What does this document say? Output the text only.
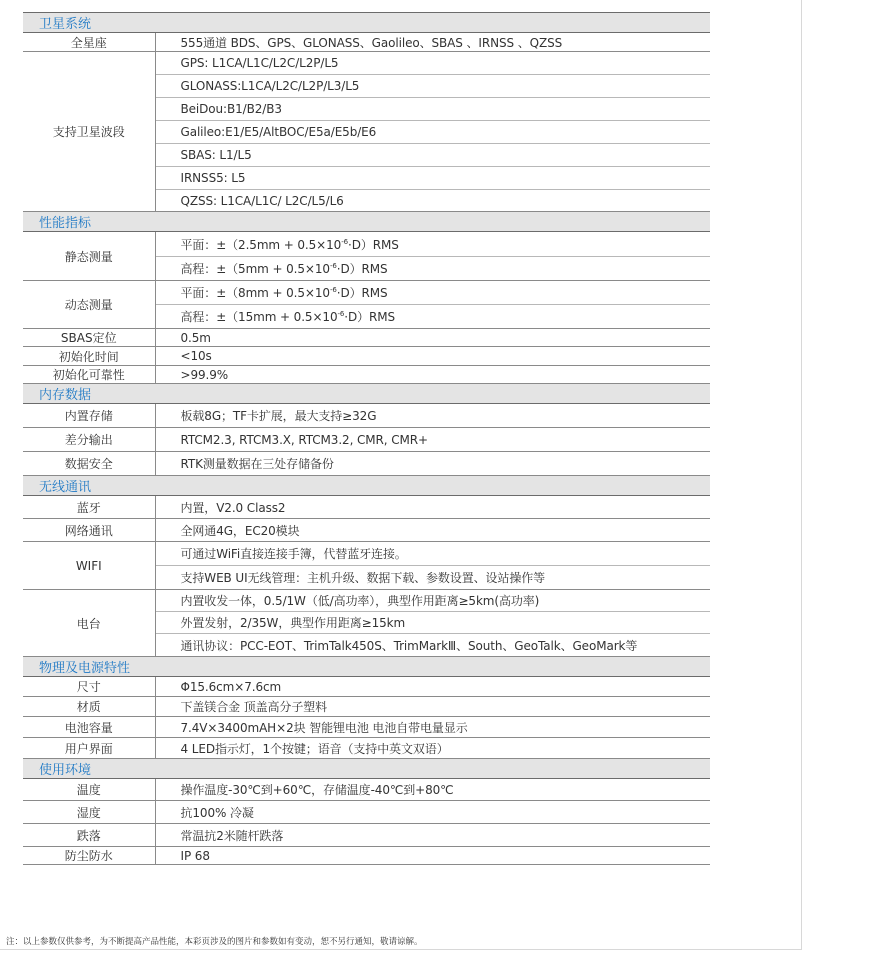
卫星系统	
全星座	555通道 BDS、GPS、GLONASS、Gaolileo、SBAS 、IRNSS 、QZSS
支持卫星波段	GPS: L1CA/L1C/L2C/L2P/L5
	GLONASS:L1CA/L2C/L2P/L3/L5
	BeiDou:B1/B2/B3
	Galileo:E1/E5/AltBOC/E5a/E5b/E6
	SBAS: L1/L5
	IRNSS5: L5
	QZSS: L1CA/L1C/ L2C/L5/L6
性能指标	
静态测量	平面：$\pm(2.5mm + 0.5\times 10^{-6}\cdot D)RMS$
	高程：$\pm(5mm + 0.5\times 10^{-6}\cdot D)RMS$
动态测量	平面：$\pm(8mm + 0.5\times 10^{-6}\cdot D)RMS$
	高程：$\pm(15mm + 0.5\times 10^{-6}\cdot D)RMS$
SBAS定位	0.5m
初始化时间	<10s
初始化可靠性	>99.9%
内存数据	
内置存储	板载8G；TF卡扩展，最大支持≥32G
差分输出	RTCM2.3, RTCM3.X, RTCM3.2, CMR, CMR+
数据安全	RTK测量数据在三处存储备份
无线通讯	
蓝牙	内置，V2.0 Class2
网络通讯	全网通4G，EC20模块
WIFI	可通过WiFi直接连接手簿，代替蓝牙连接。
	支持WEB UI无线管理：主机升级、数据下载、参数设置、设站操作等
电台	内置收发一体，0.5/1W（低/高功率），典型作用距离≥5km(高功率)
	外置发射，2/35W，典型作用距离≥15km
	通讯协议：PCC-EOT、TrimTalk450S、TrimMarkⅢ、South、GeoTalk、GeoMark等
物理及电源特性	
尺寸	Φ15.6cm×7.6cm
材质	下盖镁合金 顶盖高分子塑料
电池容量	7.4V×3400mAH×2块 智能锂电池 电池自带电量显示
用户界面	4 LED指示灯，1个按键；语音（支持中英文双语）
使用环境	
温度	操作温度-30℃到+60℃，存储温度-40℃到+80℃
湿度	抗100% 冷凝
跌落	常温抗2米随杆跌落
防尘防水	IP 68
注：以上参数仅供参考，为不断提高产品性能，本彩页涉及的图片和参数如有变动，恕不另行通知，敬请谅解。
